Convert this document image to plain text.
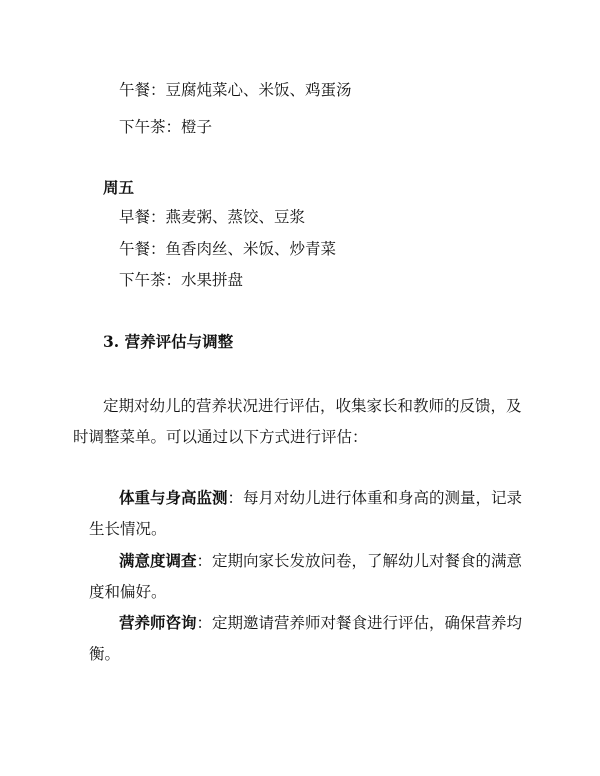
午餐：豆腐炖菜心、米饭、鸡蛋汤
下午茶：橙子
周五
早餐：燕麦粥、蒸饺、豆浆
午餐：鱼香肉丝、米饭、炒青菜
下午茶：水果拼盘
3. 营养评估与调整
定期对幼儿的营养状况进行评估，收集家长和教师的反馈，及
时调整菜单。可以通过以下方式进行评估：
体重与身高监测：每月对幼儿进行体重和身高的测量，记录
生长情况。
满意度调查：定期向家长发放问卷，了解幼儿对餐食的满意
度和偏好。
营养师咨询：定期邀请营养师对餐食进行评估，确保营养均
衡。
